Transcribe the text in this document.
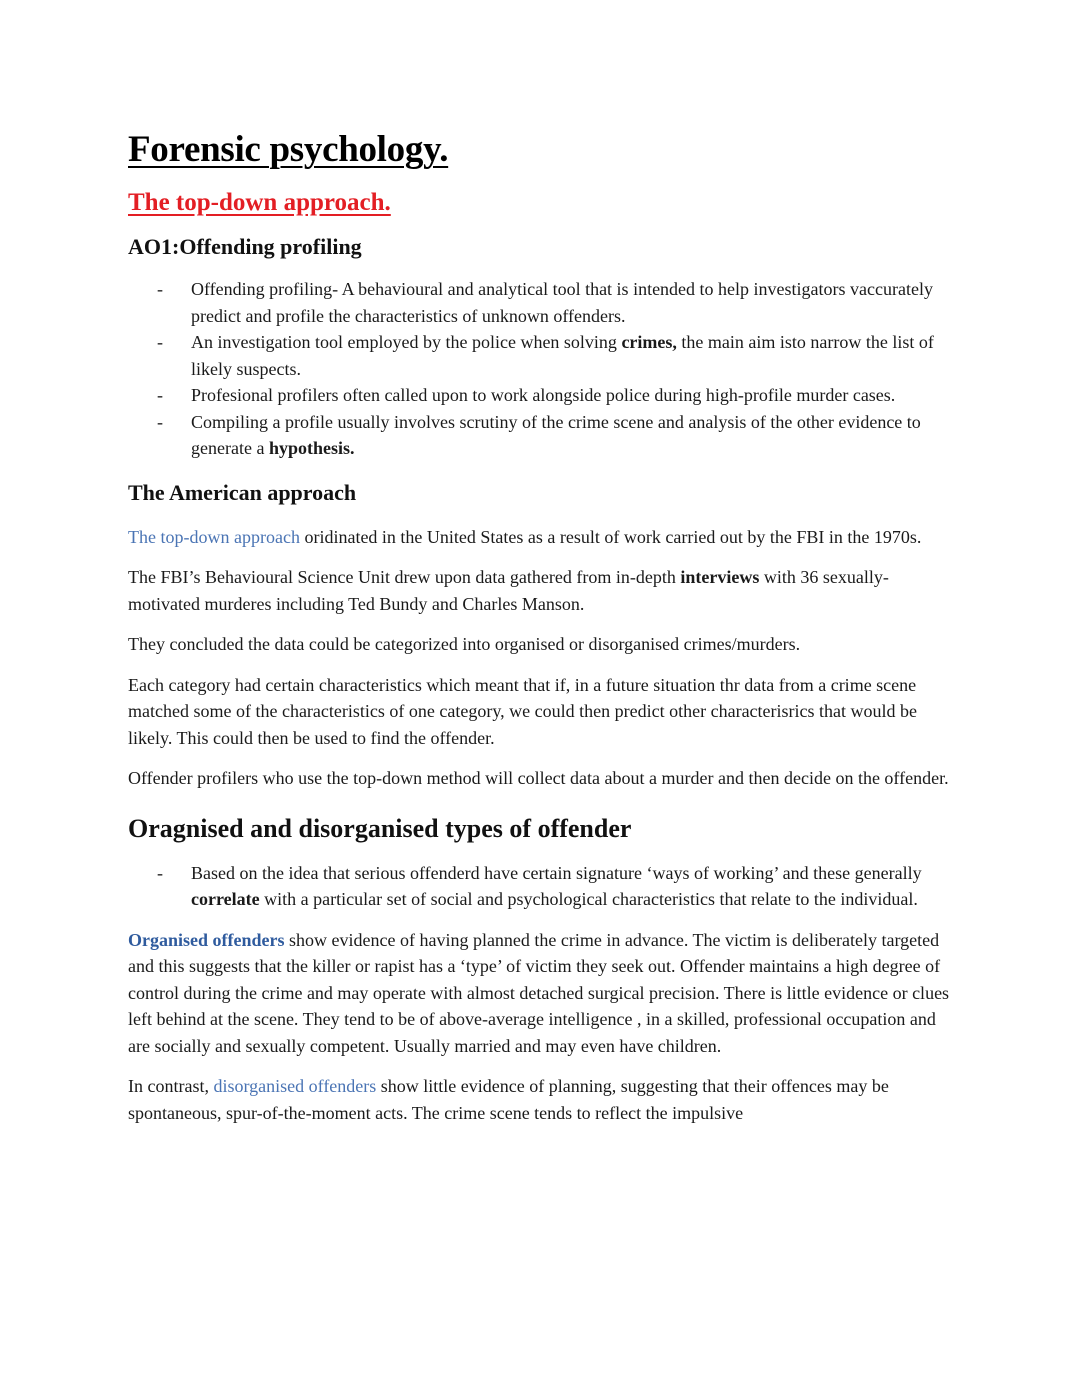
Forensic psychology.
The top-down approach.
AO1:Offending profiling
- Offending profiling- A behavioural and analytical tool that is intended to help investigators vaccurately predict and profile the characteristics of unknown offenders.
- An investigation tool employed by the police when solving crimes, the main aim isto narrow the list of likely suspects.
- Profesional profilers often called upon to work alongside police during high-profile murder cases.
- Compiling a profile usually involves scrutiny of the crime scene and analysis of the other evidence to generate a hypothesis.
The American approach

The top-down approach oridinated in the United States as a result of work carried out by the FBI in the 1970s.

The FBI’s Behavioural Science Unit drew upon data gathered from in-depth interviews with 36 sexually-motivated murderes including Ted Bundy and Charles Manson.

They concluded the data could be categorized into organised or disorganised crimes/murders.

Each category had certain characteristics which meant that if, in a future situation thr data from a crime scene matched some of the characteristics of one category, we could then predict other characterisrics that would be likely. This could then be used to find the offender.

Offender profilers who use the top-down method will collect data about a murder and then decide on the offender.

Oragnised and disorganised types of offender
- Based on the idea that serious offenderd have certain signature ‘ways of working’ and these generally correlate with a particular set of social and psychological characteristics that relate to the individual.

Organised offenders show evidence of having planned the crime in advance. The victim is deliberately targeted and this suggests that the killer or rapist has a ‘type’ of victim they seek out. Offender maintains a high degree of control during the crime and may operate with almost detached surgical precision. There is little evidence or clues left behind at the scene. They tend to be of above-average intelligence , in a skilled, professional occupation and are socially and sexually competent. Usually married and may even have children.

In contrast, disorganised offenders show little evidence of planning, suggesting that their offences may be spontaneous, spur-of-the-moment acts. The crime scene tends to reflect the impulsive
